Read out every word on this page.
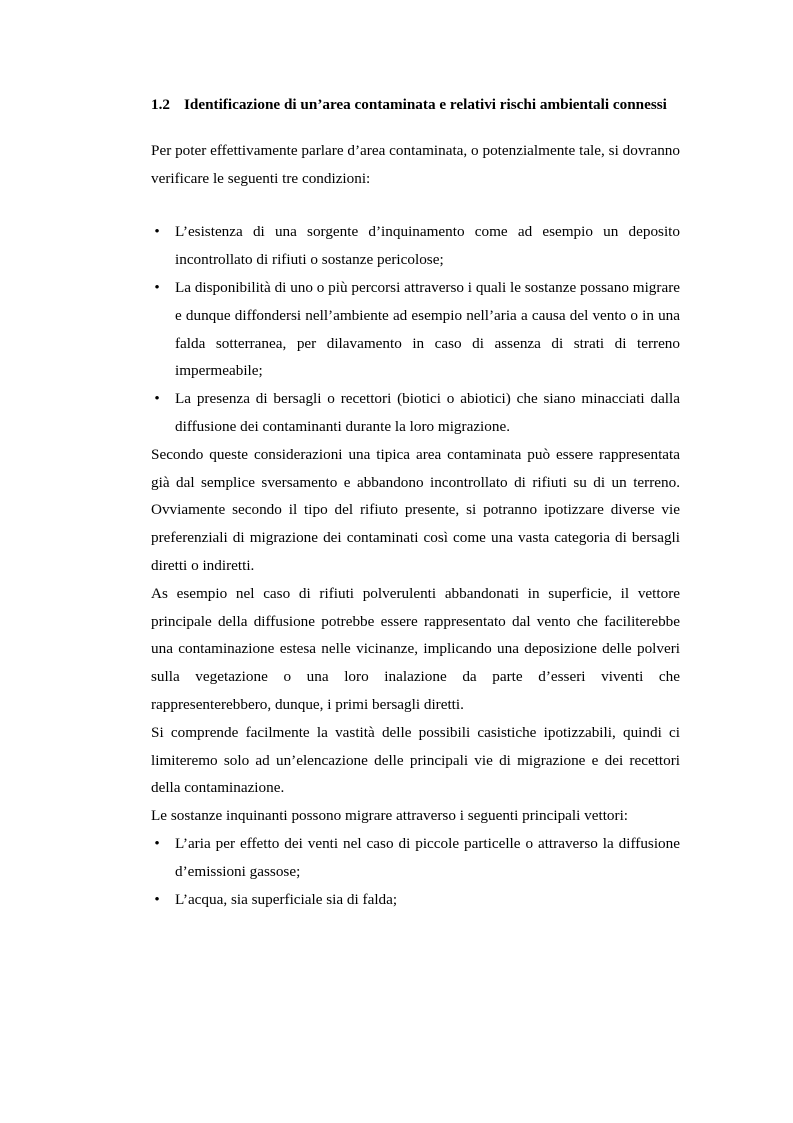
1.2 Identificazione di un’area contaminata e relativi rischi ambientali connessi

Per poter effettivamente parlare d’area contaminata, o potenzialmente tale, si dovranno verificare le seguenti tre condizioni:

• L’esistenza di una sorgente d’inquinamento come ad esempio un deposito incontrollato di rifiuti o sostanze pericolose;
• La disponibilità di uno o più percorsi attraverso i quali le sostanze possano migrare e dunque diffondersi nell’ambiente ad esempio nell’aria a causa del vento o in una falda sotterranea, per dilavamento in caso di assenza di strati di terreno impermeabile;
• La presenza di bersagli o recettori (biotici o abiotici) che siano minacciati dalla diffusione dei contaminanti durante la loro migrazione.

Secondo queste considerazioni una tipica area contaminata può essere rappresentata già dal semplice sversamento e abbandono incontrollato di rifiuti su di un terreno. Ovviamente secondo il tipo del rifiuto presente, si potranno ipotizzare diverse vie preferenziali di migrazione dei contaminati così come una vasta categoria di bersagli diretti o indiretti.

As esempio nel caso di rifiuti polverulenti abbandonati in superficie, il vettore principale della diffusione potrebbe essere rappresentato dal vento che faciliterebbe una contaminazione estesa nelle vicinanze, implicando una deposizione delle polveri sulla vegetazione o una loro inalazione da parte d’esseri viventi che rappresenterebbero, dunque, i primi bersagli diretti.

Si comprende facilmente la vastità delle possibili casistiche ipotizzabili, quindi ci limiteremo solo ad un’elencazione delle principali vie di migrazione e dei recettori della contaminazione.

Le sostanze inquinanti possono migrare attraverso i seguenti principali vettori:

• L’aria per effetto dei venti nel caso di piccole particelle o attraverso la diffusione d’emissioni gassose;
• L’acqua, sia superficiale sia di falda;
